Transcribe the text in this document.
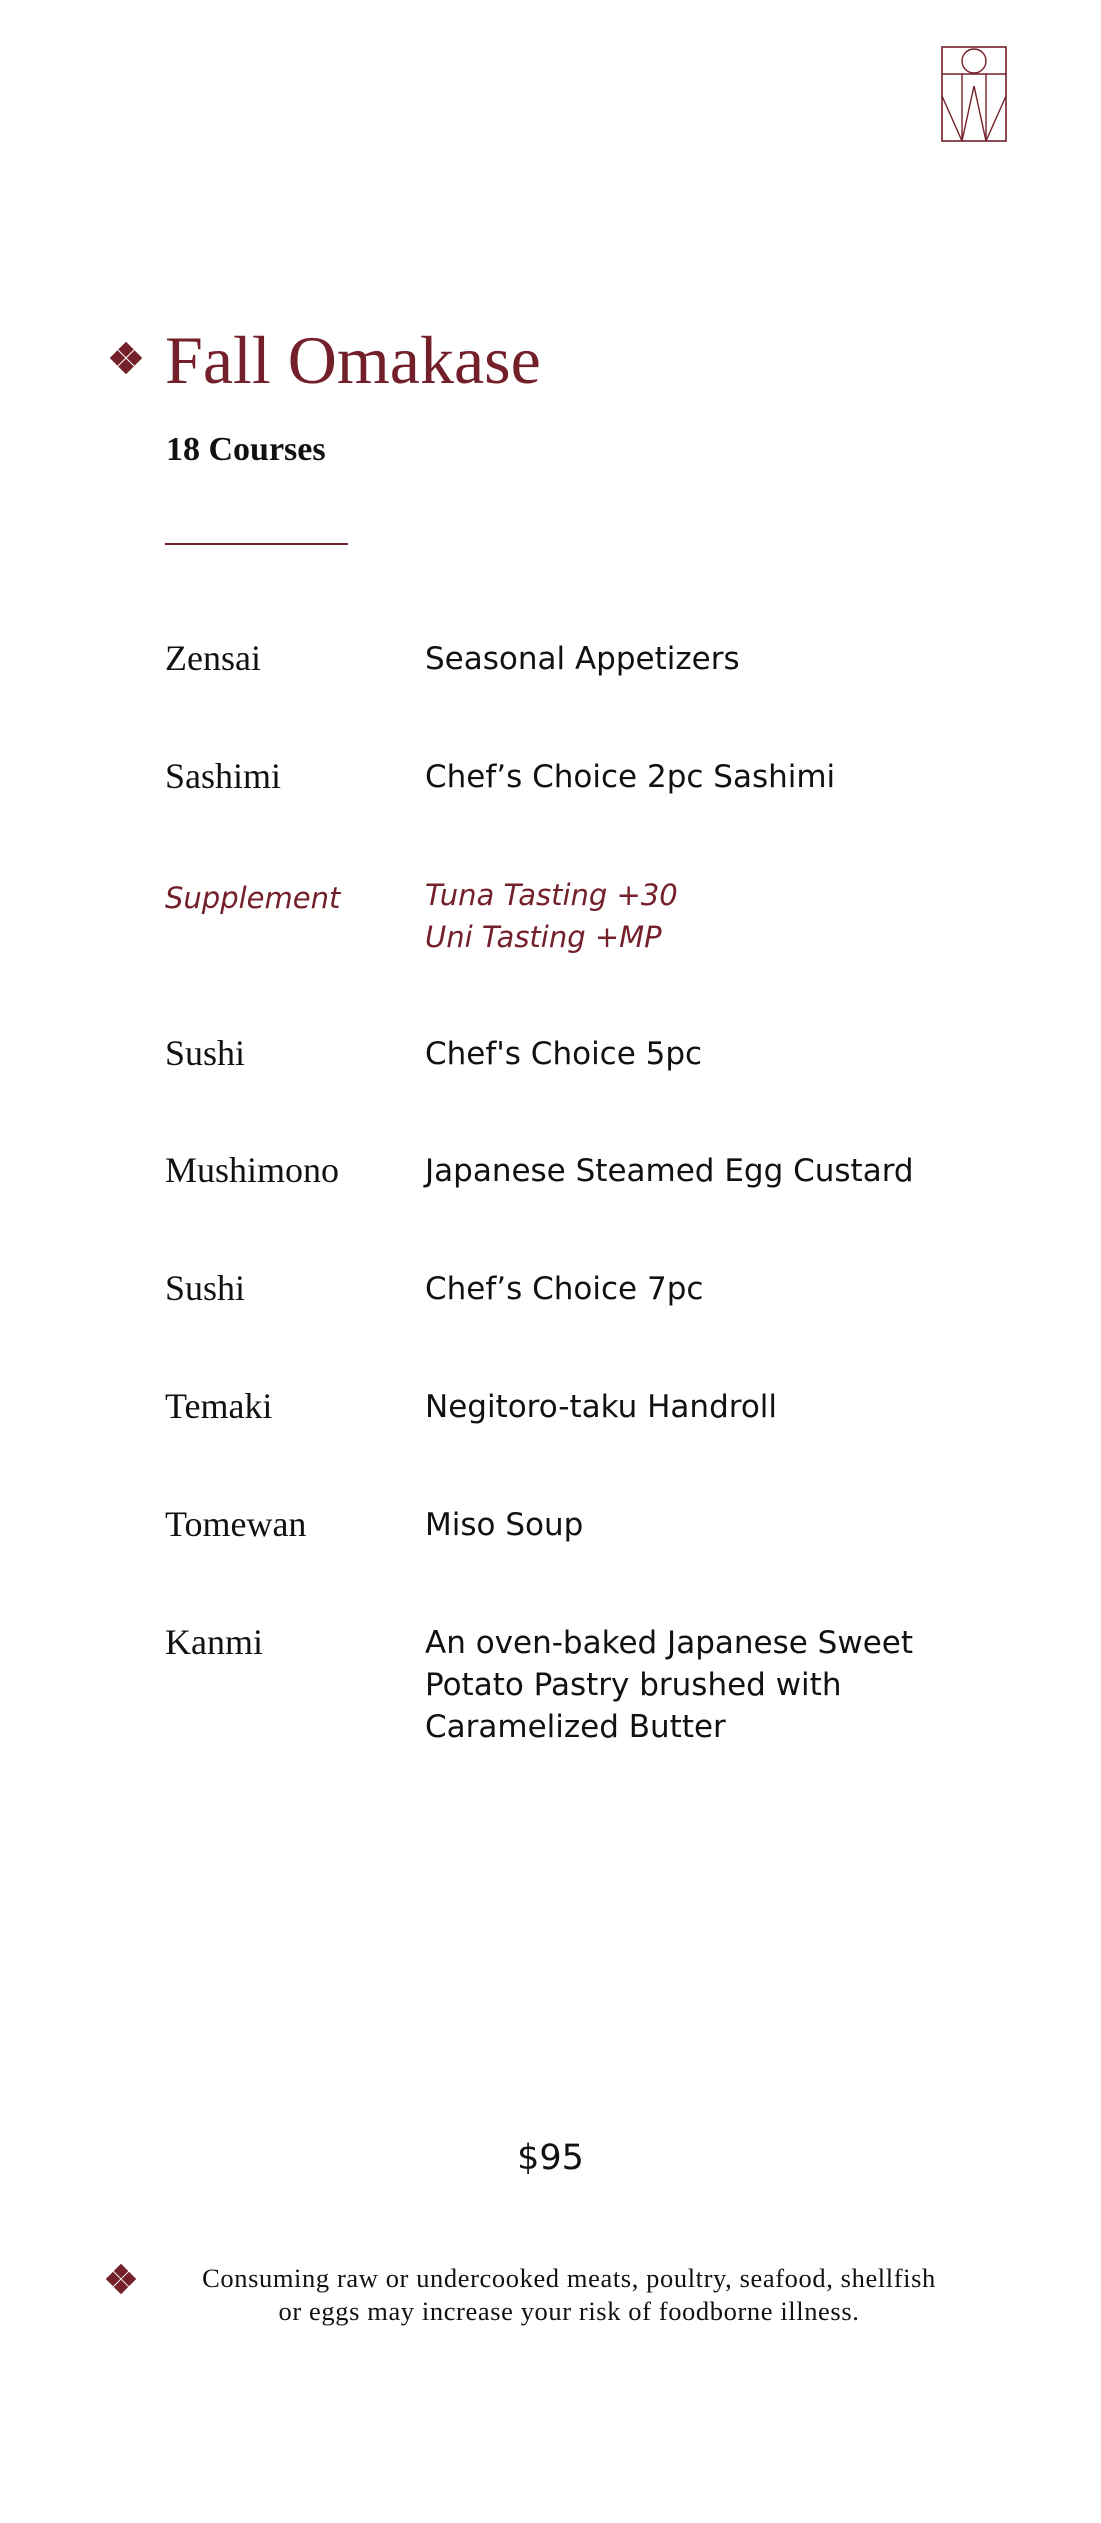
Fall Omakase
18 Courses
Zensai	Seasonal Appetizers
Sashimi	Chef’s Choice 2pc Sashimi
Supplement	Tuna Tasting +30
Uni Tasting +MP
Sushi	Chef's Choice 5pc
Mushimono	Japanese Steamed Egg Custard
Sushi	Chef’s Choice 7pc
Temaki	Negitoro-taku Handroll
Tomewan	Miso Soup
Kanmi	An oven-baked Japanese Sweet
Potato Pastry brushed with
Caramelized Butter
$95
Consuming raw or undercooked meats, poultry, seafood, shellfish
or eggs may increase your risk of foodborne illness.
